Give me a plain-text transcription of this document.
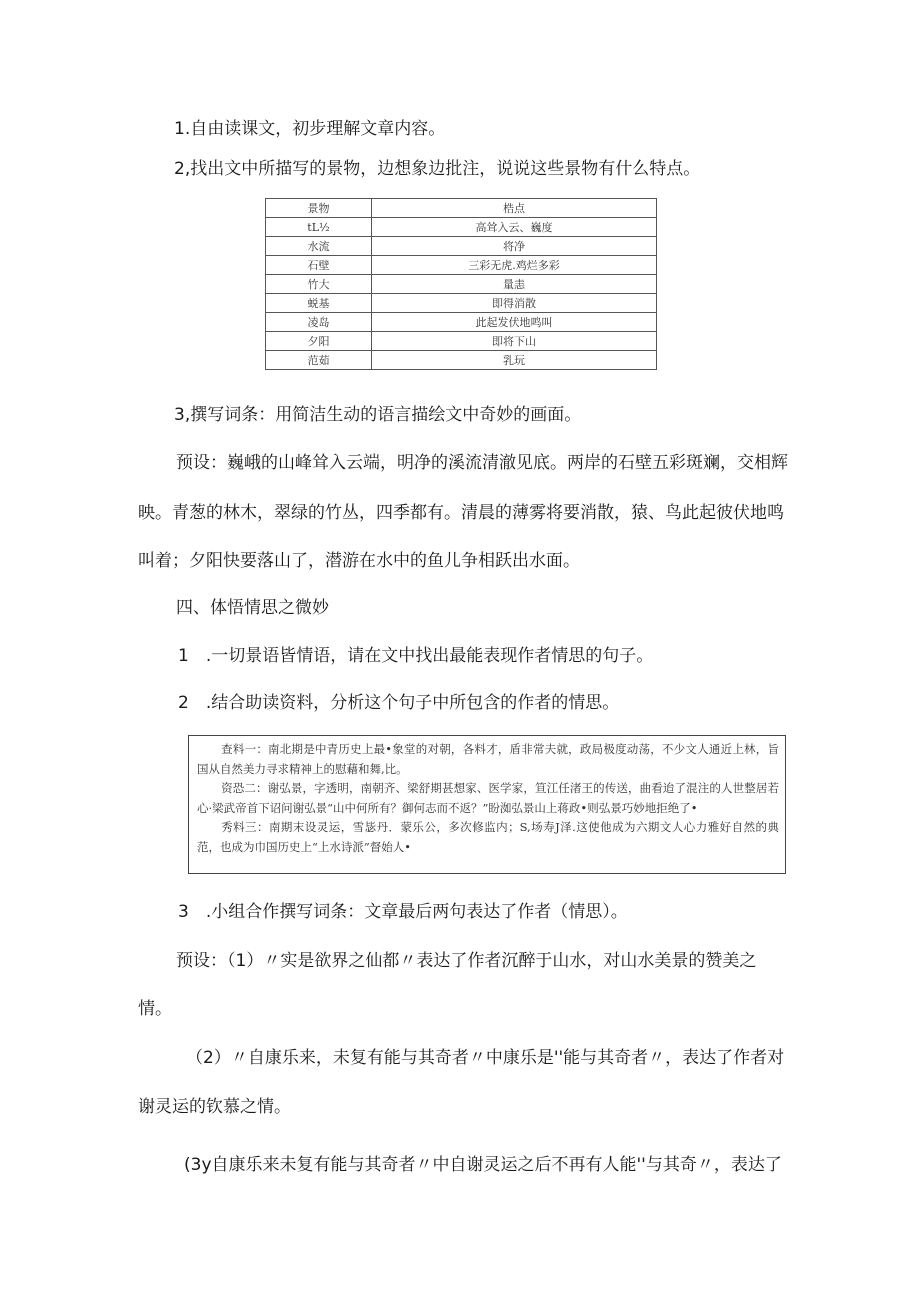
1.自由读课文，初步理解文章内容。
2,找出文中所描写的景物，边想象边批注，说说这些景物有什么特点。
景物	梏点
tL½	高耸入云、巍度
水流	将净
石壁	三彩无虎.鸡烂多彩
竹大	量恚
蜕基	即得消散
凌岛	此起发伏地鸣叫
夕阳	即将下山
范茹	乳玩
3,撰写词条：用简洁生动的语言描绘文中奇妙的画面。
预设：巍峨的山峰耸入云端，明净的溪流清澈见底。两岸的石壁五彩斑斓，交相辉
映。青葱的林木，翠绿的竹丛，四季都有。清晨的薄雾将要消散，猿、鸟此起彼伏地鸣
叫着；夕阳快要落山了，潜游在水中的鱼儿争相跃出水面。
四、体悟情思之微妙
1　.一切景语皆情语，请在文中找出最能表现作者情思的句子。
2　.结合助读资料，分析这个句子中所包含的作者的情思。

查料一：南北期是中青历史上最•象堂的对朝，各料才，盾非常夫就，政局极度动荡，不少文人通近上林，旨国从自然美力寻求精神上的慰藉和舞,比。

资恐二：谢弘景，字透明，南朝齐、梁舒期甚想家、医学家，笪江任渚王的传送，曲看迨了混注的人世整居若心·梁武帝首下诏问谢弘景“山中何所有？御何志而不返？”盼洳弘景山上蒋政•则弘景巧妙地拒绝了•

秀料三：南期末设灵运，雪毖丹．蒙乐公，多次修监内；S,场寿J泽.这使他成为六期文人心力雅好自然的典范，也成为巾国历史上“上水诗派”督始人•

3　.小组合作撰写词条：文章最后两句表达了作者（情思）。
预设：（1）〃实是欲界之仙都〃表达了作者沉醉于山水，对山水美景的赞美之
情。
（2）〃自康乐来，未复有能与其奇者〃中康乐是''能与其奇者〃，表达了作者对
谢灵运的钦慕之情。
(3y自康乐来未复有能与其奇者〃中自谢灵运之后不再有人能''与其奇〃，表达了
